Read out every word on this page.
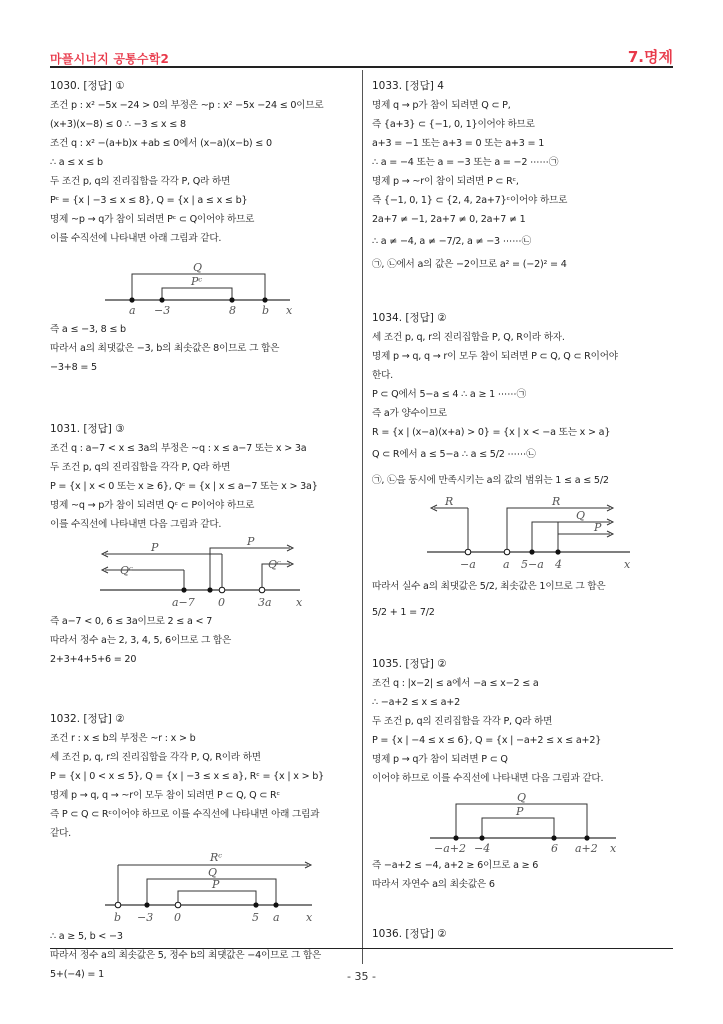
마플시너지 공통수학2	7.명제
1030. [정답] ①
조건 p : x² −5x −24 > 0의 부정은 ~p : x² −5x −24 ≤ 0이므로
(x+3)(x−8) ≤ 0 ∴ −3 ≤ x ≤ 8
조건 q : x² −(a+b)x +ab ≤ 0에서 (x−a)(x−b) ≤ 0
∴ a ≤ x ≤ b
두 조건 p, q의 진리집합을 각각 P, Q라 하면
Pᶜ = {x | −3 ≤ x ≤ 8}, Q = {x | a ≤ x ≤ b}
명제 ~p → q가 참이 되려면 Pᶜ ⊂ Q이어야 하므로
이를 수직선에 나타내면 아래 그림과 같다.
Q
Pᶜ
a −3	8 b x
즉 a ≤ −3, 8 ≤ b
따라서 a의 최댓값은 −3, b의 최솟값은 8이므로 그 합은
−3+8 = 5
1031. [정답] ③
조건 q : a−7 < x ≤ 3a의 부정은 ~q : x ≤ a−7 또는 x > 3a
두 조건 p, q의 진리집합을 각각 P, Q라 하면
P = {x | x < 0 또는 x ≥ 6}, Qᶜ = {x | x ≤ a−7 또는 x > 3a}
명제 ~q → p가 참이 되려면 Qᶜ ⊂ P이어야 하므로
이를 수직선에 나타내면 다음 그림과 같다.
P	P
Qᶜ	Qᶜ
a−7 0	3a x
즉 a−7 < 0, 6 ≤ 3a이므로 2 ≤ a < 7
따라서 정수 a는 2, 3, 4, 5, 6이므로 그 합은
2+3+4+5+6 = 20
1032. [정답] ②
조건 r : x ≤ b의 부정은 ~r : x > b
세 조건 p, q, r의 진리집합을 각각 P, Q, R이라 하면
P = {x | 0 < x ≤ 5}, Q = {x | −3 ≤ x ≤ a}, Rᶜ = {x | x > b}
명제 p → q, q → ~r이 모두 참이 되려면 P ⊂ Q, Q ⊂ Rᶜ
즉 P ⊂ Q ⊂ Rᶜ이어야 하므로 이를 수직선에 나타내면 아래 그림과
같다.
Rᶜ
Q
P
b −3 0	5 a x
∴ a ≥ 5, b < −3
따라서 정수 a의 최솟값은 5, 정수 b의 최댓값은 −4이므로 그 합은
5+(−4) = 1
1033. [정답] 4
명제 q → p가 참이 되려면 Q ⊂ P,
즉 {a+3} ⊂ {−1, 0, 1}이어야 하므로
a+3 = −1 또는 a+3 = 0 또는 a+3 = 1
∴ a = −4 또는 a = −3 또는 a = −2 ⋯⋯㉠
명제 p → ~r이 참이 되려면 P ⊂ Rᶜ,
즉 {−1, 0, 1} ⊂ {2, 4, 2a+7}ᶜ이어야 하므로
2a+7 ≠ −1, 2a+7 ≠ 0, 2a+7 ≠ 1
∴ a ≠ −4, a ≠ −7/2, a ≠ −3 ⋯⋯㉡
㉠, ㉡에서 a의 값은 −2이므로 a² = (−2)² = 4
1034. [정답] ②
세 조건 p, q, r의 진리집합을 P, Q, R이라 하자.
명제 p → q, q → r이 모두 참이 되려면 P ⊂ Q, Q ⊂ R이어야
한다.
P ⊂ Q에서 5−a ≤ 4 ∴ a ≥ 1 ⋯⋯㉠
즉 a가 양수이므로
R = {x | (x−a)(x+a) > 0} = {x | x < −a 또는 x > a}
Q ⊂ R에서 a ≤ 5−a ∴ a ≤ 5/2 ⋯⋯㉡
㉠, ㉡을 동시에 만족시키는 a의 값의 범위는 1 ≤ a ≤ 5/2
R	R
Q
P
−a a 5−a 4	x
따라서 실수 a의 최댓값은 5/2, 최솟값은 1이므로 그 합은
5/2 + 1 = 7/2
1035. [정답] ②
조건 q : |x−2| ≤ a에서 −a ≤ x−2 ≤ a
∴ −a+2 ≤ x ≤ a+2
두 조건 p, q의 진리집합을 각각 P, Q라 하면
P = {x | −4 ≤ x ≤ 6}, Q = {x | −a+2 ≤ x ≤ a+2}
명제 p → q가 참이 되려면 P ⊂ Q
이어야 하므로 이를 수직선에 나타내면 다음 그림과 같다.
Q
P
−a+2 −4	6 a+2 x
즉 −a+2 ≤ −4, a+2 ≥ 6이므로 a ≥ 6
따라서 자연수 a의 최솟값은 6
1036. [정답] ②
- 35 -
